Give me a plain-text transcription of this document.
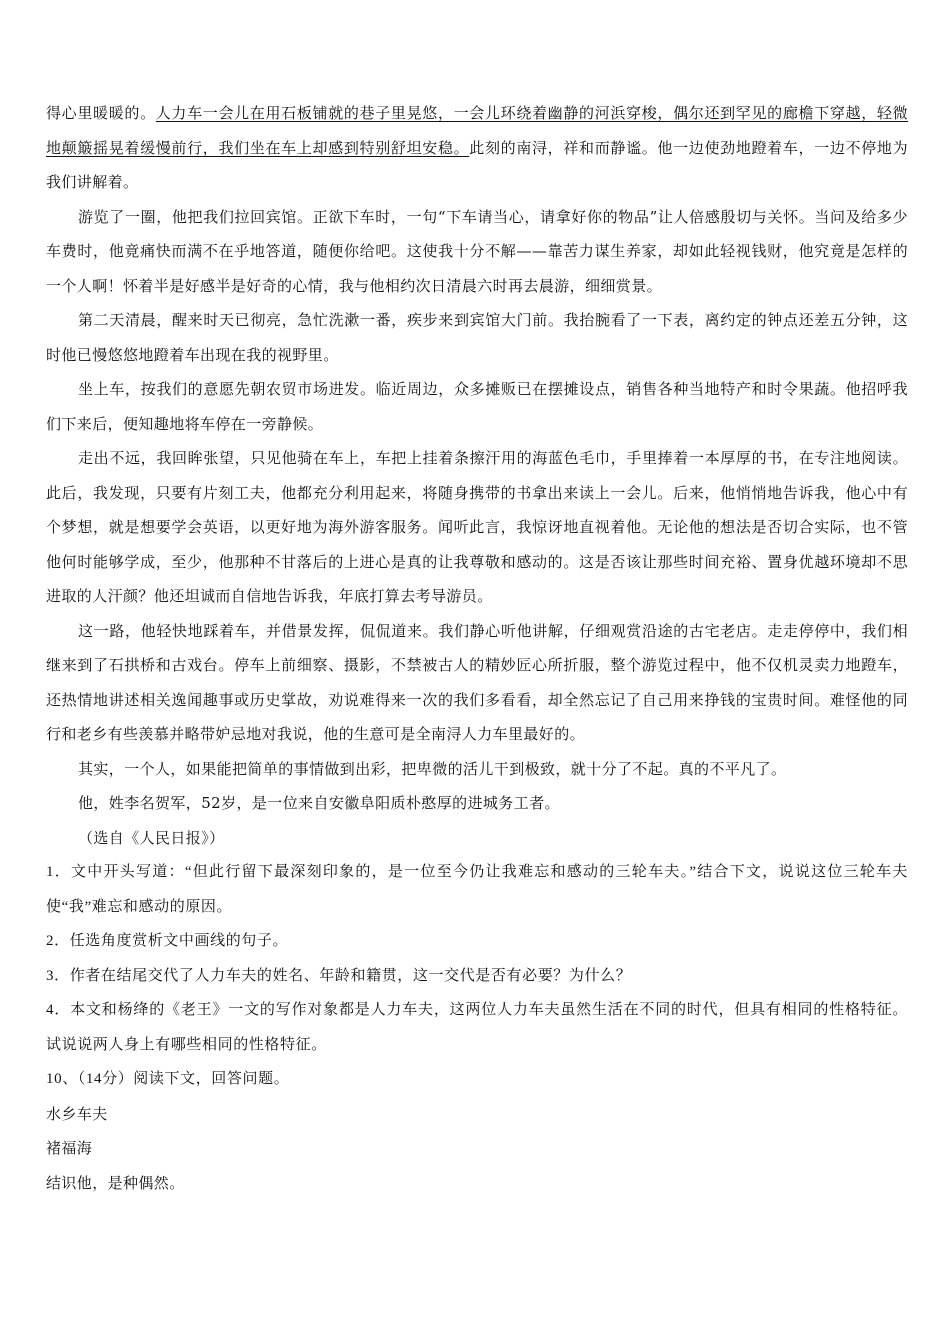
得心里暖暖的。人力车一会儿在用石板铺就的巷子里晃悠，一会儿环绕着幽静的河浜穿梭，偶尔还到罕见的廊檐下穿越，轻微地颠簸摇晃着缓慢前行，我们坐在车上却感到特别舒坦安稳。此刻的南浔，祥和而静谧。他一边使劲地蹬着车，一边不停地为我们讲解着。

游览了一圈，他把我们拉回宾馆。正欲下车时，一句“下车请当心，请拿好你的物品”让人倍感殷切与关怀。当问及给多少车费时，他竟痛快而满不在乎地答道，随便你给吧。这使我十分不解——靠苦力谋生养家，却如此轻视钱财，他究竟是怎样的一个人啊！怀着半是好感半是好奇的心情，我与他相约次日清晨六时再去晨游，细细赏景。

第二天清晨，醒来时天已彻亮，急忙洗漱一番，疾步来到宾馆大门前。我抬腕看了一下表，离约定的钟点还差五分钟，这时他已慢悠悠地蹬着车出现在我的视野里。

坐上车，按我们的意愿先朝农贸市场进发。临近周边，众多摊贩已在摆摊设点，销售各种当地特产和时令果蔬。他招呼我们下来后，便知趣地将车停在一旁静候。

走出不远，我回眸张望，只见他骑在车上，车把上挂着条擦汗用的海蓝色毛巾，手里捧着一本厚厚的书，在专注地阅读。此后，我发现，只要有片刻工夫，他都充分利用起来，将随身携带的书拿出来读上一会儿。后来，他悄悄地告诉我，他心中有个梦想，就是想要学会英语，以更好地为海外游客服务。闻听此言，我惊讶地直视着他。无论他的想法是否切合实际，也不管他何时能够学成，至少，他那种不甘落后的上进心是真的让我尊敬和感动的。这是否该让那些时间充裕、置身优越环境却不思进取的人汗颜？他还坦诚而自信地告诉我，年底打算去考导游员。

这一路，他轻快地踩着车，并借景发挥，侃侃道来。我们静心听他讲解，仔细观赏沿途的古宅老店。走走停停中，我们相继来到了石拱桥和古戏台。停车上前细察、摄影，不禁被古人的精妙匠心所折服，整个游览过程中，他不仅机灵卖力地蹬车，还热情地讲述相关逸闻趣事或历史掌故，劝说难得来一次的我们多看看，却全然忘记了自己用来挣钱的宝贵时间。难怪他的同行和老乡有些羡慕并略带妒忌地对我说，他的生意可是全南浔人力车里最好的。

其实，一个人，如果能把简单的事情做到出彩，把卑微的活儿干到极致，就十分了不起。真的不平凡了。

他，姓李名贺军，52岁，是一位来自安徽阜阳质朴憨厚的进城务工者。

（选自《人民日报》）

1．文中开头写道：“但此行留下最深刻印象的，是一位至今仍让我难忘和感动的三轮车夫。”结合下文，说说这位三轮车夫使“我”难忘和感动的原因。

2．任选角度赏析文中画线的句子。

3．作者在结尾交代了人力车夫的姓名、年龄和籍贯，这一交代是否有必要？为什么？

4．本文和杨绛的《老王》一文的写作对象都是人力车夫，这两位人力车夫虽然生活在不同的时代，但具有相同的性格特征。试说说两人身上有哪些相同的性格特征。

10、（14分）阅读下文，回答问题。

水乡车夫

褚福海

结识他，是种偶然。
